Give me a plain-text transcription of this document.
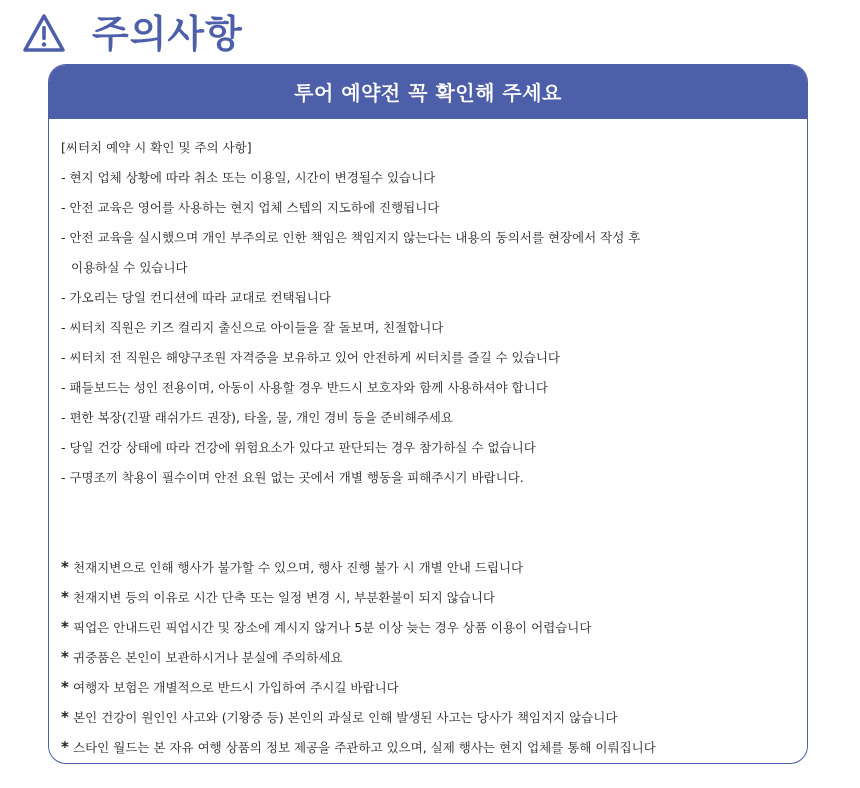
주의사항
투어 예약전 꼭 확인해 주세요
[씨터치 예약 시 확인 및 주의 사항]
- 현지 업체 상황에 따라 취소 또는 이용일, 시간이 변경될수 있습니다
- 안전 교육은 영어를 사용하는 현지 업체 스텝의 지도하에 진행됩니다
- 안전 교육을 실시했으며 개인 부주의로 인한 책임은 책임지지 않는다는 내용의 동의서를 현장에서 작성 후
이용하실 수 있습니다
- 가오리는 당일 컨디션에 따라 교대로 컨택됩니다
- 씨터치 직원은 키즈 컬리지 출신으로 아이들을 잘 돌보며, 친절합니다
- 씨터치 전 직원은 해양구조원 자격증을 보유하고 있어 안전하게 씨터치를 즐길 수 있습니다
- 패들보드는 성인 전용이며, 아동이 사용할 경우 반드시 보호자와 함께 사용하셔야 합니다
- 편한 복장(긴팔 래쉬가드 권장), 타올, 물, 개인 경비 등을 준비해주세요
- 당일 건강 상태에 따라 건강에 위험요소가 있다고 판단되는 경우 참가하실 수 없습니다
- 구명조끼 착용이 필수이며 안전 요원 없는 곳에서 개별 행동을 피해주시기 바랍니다.
* 천재지변으로 인해 행사가 불가할 수 있으며, 행사 진행 불가 시 개별 안내 드립니다
* 천재지변 등의 이유로 시간 단축 또는 일정 변경 시, 부분환불이 되지 않습니다
* 픽업은 안내드린 픽업시간 및 장소에 계시지 않거나 5분 이상 늦는 경우 상품 이용이 어렵습니다
* 귀중품은 본인이 보관하시거나 분실에 주의하세요
* 여행자 보험은 개별적으로 반드시 가입하여 주시길 바랍니다
* 본인 건강이 원인인 사고와 (기왕증 등) 본인의 과실로 인해 발생된 사고는 당사가 책임지지 않습니다
* 스타인 월드는 본 자유 여행 상품의 정보 제공을 주관하고 있으며, 실제 행사는 현지 업체를 통해 이뤄집니다
